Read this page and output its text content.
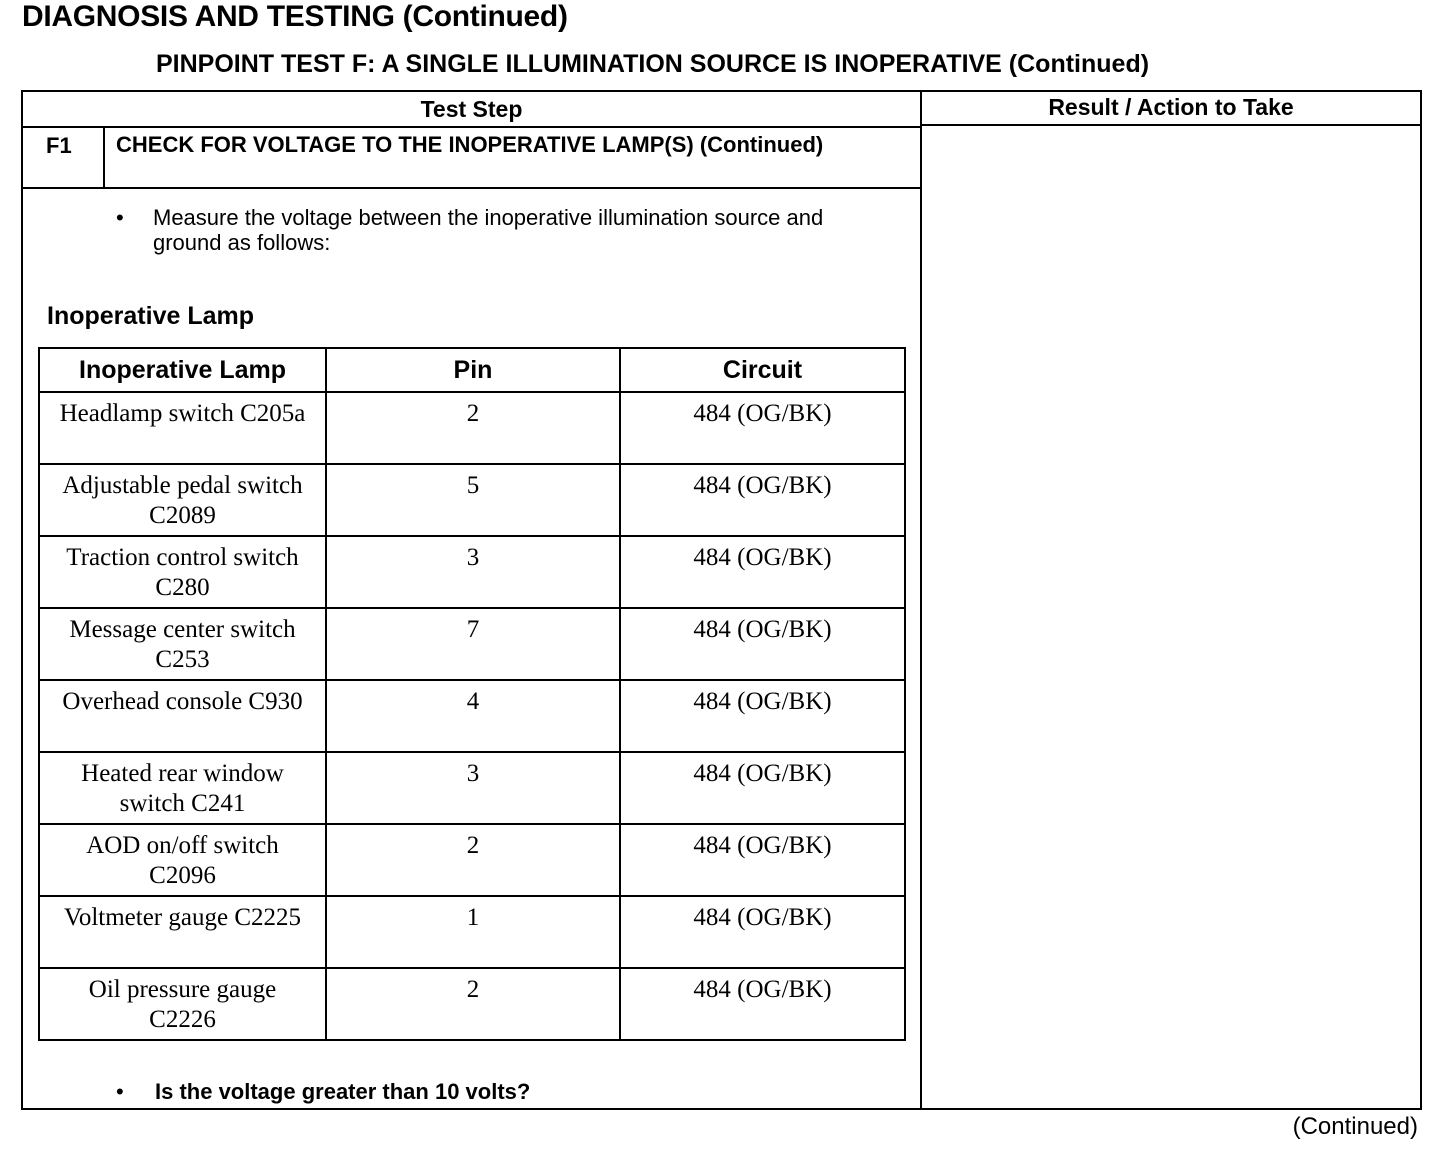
DIAGNOSIS AND TESTING (Continued)
PINPOINT TEST F: A SINGLE ILLUMINATION SOURCE IS INOPERATIVE (Continued)
Test Step	Result / Action to Take
F1 CHECK FOR VOLTAGE TO THE INOPERATIVE LAMP(S) (Continued)
• Measure the voltage between the inoperative illumination source and ground as follows:
Inoperative Lamp
Inoperative Lamp	Pin	Circuit
Headlamp switch C205a	2	484 (OG/BK)
Adjustable pedal switch C2089	5	484 (OG/BK)
Traction control switch C280	3	484 (OG/BK)
Message center switch C253	7	484 (OG/BK)
Overhead console C930	4	484 (OG/BK)
Heated rear window switch C241	3	484 (OG/BK)
AOD on/off switch C2096	2	484 (OG/BK)
Voltmeter gauge C2225	1	484 (OG/BK)
Oil pressure gauge C2226	2	484 (OG/BK)
• Is the voltage greater than 10 volts?
(Continued)
